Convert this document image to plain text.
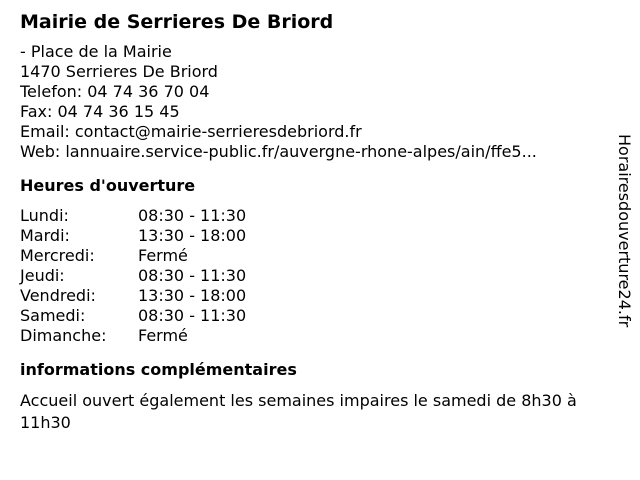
Mairie de Serrieres De Briord
- Place de la Mairie
1470 Serrieres De Briord
Telefon: 04 74 36 70 04
Fax: 04 74 36 15 45
Email: contact@mairie-serrieresdebriord.fr
Web: lannuaire.service-public.fr/auvergne-rhone-alpes/ain/ffe5...
Heures d'ouverture
Lundi:	08:30 - 11:30
Mardi:	13:30 - 18:00
Mercredi:	Fermé
Jeudi:	08:30 - 11:30
Vendredi:	13:30 - 18:00
Samedi:	08:30 - 11:30
Dimanche:	Fermé
informations complémentaires
Accueil ouvert également les semaines impaires le samedi de 8h30 à 11h30
Horairesdouverture24.fr
